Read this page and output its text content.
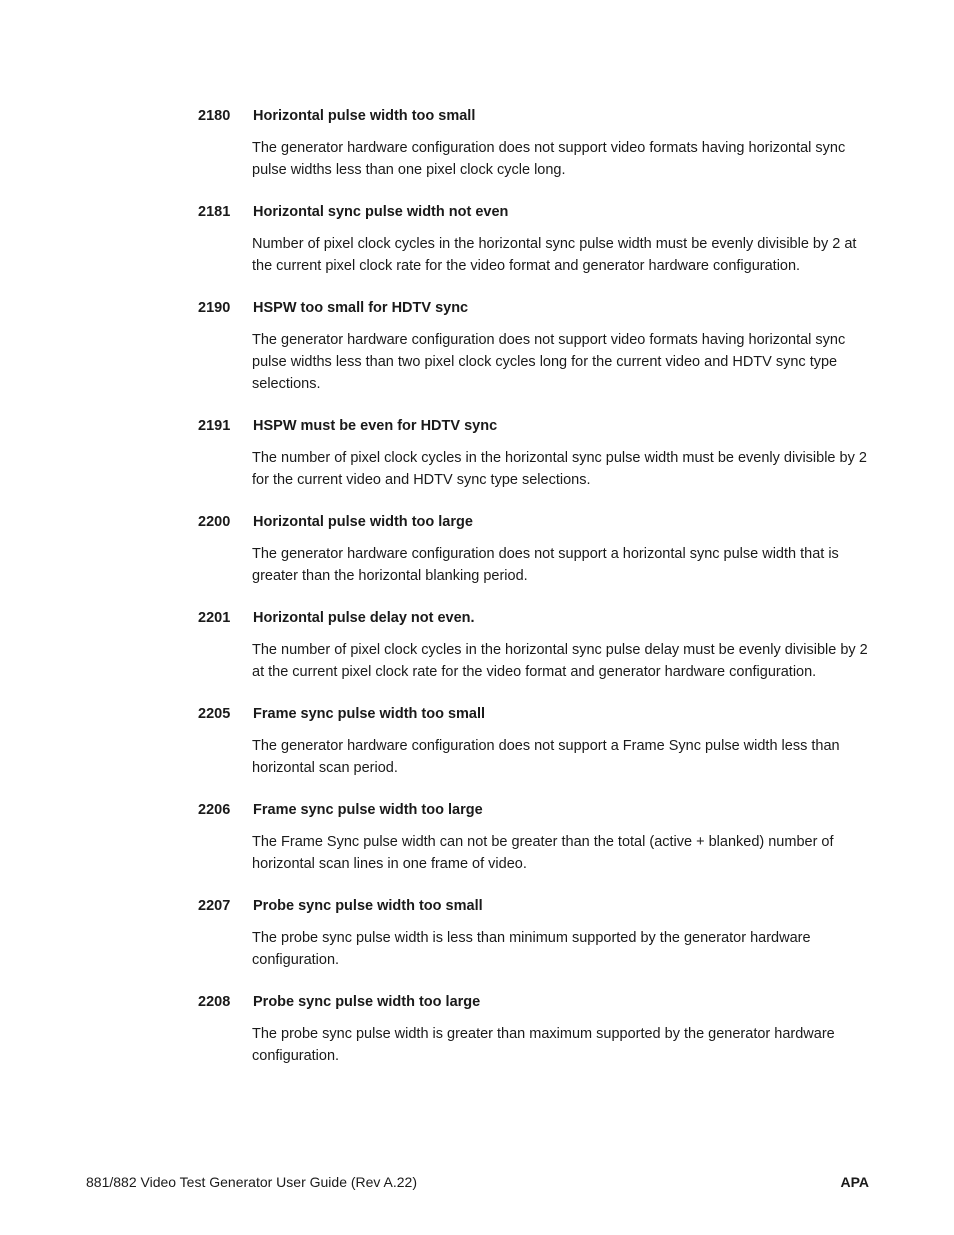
2180 Horizontal pulse width too small

The generator hardware configuration does not support video formats having horizontal sync pulse widths less than one pixel clock cycle long.

2181 Horizontal sync pulse width not even

Number of pixel clock cycles in the horizontal sync pulse width must be evenly divisible by 2 at the current pixel clock rate for the video format and generator hardware configuration.

2190 HSPW too small for HDTV sync

The generator hardware configuration does not support video formats having horizontal sync pulse widths less than two pixel clock cycles long for the current video and HDTV sync type selections.

2191 HSPW must be even for HDTV sync

The number of pixel clock cycles in the horizontal sync pulse width must be evenly divisible by 2 for the current video and HDTV sync type selections.

2200 Horizontal pulse width too large

The generator hardware configuration does not support a horizontal sync pulse width that is greater than the horizontal blanking period.

2201 Horizontal pulse delay not even.

The number of pixel clock cycles in the horizontal sync pulse delay must be evenly divisible by 2 at the current pixel clock rate for the video format and generator hardware configuration.

2205 Frame sync pulse width too small

The generator hardware configuration does not support a Frame Sync pulse width less than horizontal scan period.

2206 Frame sync pulse width too large

The Frame Sync pulse width can not be greater than the total (active + blanked) number of horizontal scan lines in one frame of video.

2207 Probe sync pulse width too small

The probe sync pulse width is less than minimum supported by the generator hardware configuration.

2208 Probe sync pulse width too large

The probe sync pulse width is greater than maximum supported by the generator hardware configuration.

881/882 Video Test Generator User Guide (Rev A.22)	APA
